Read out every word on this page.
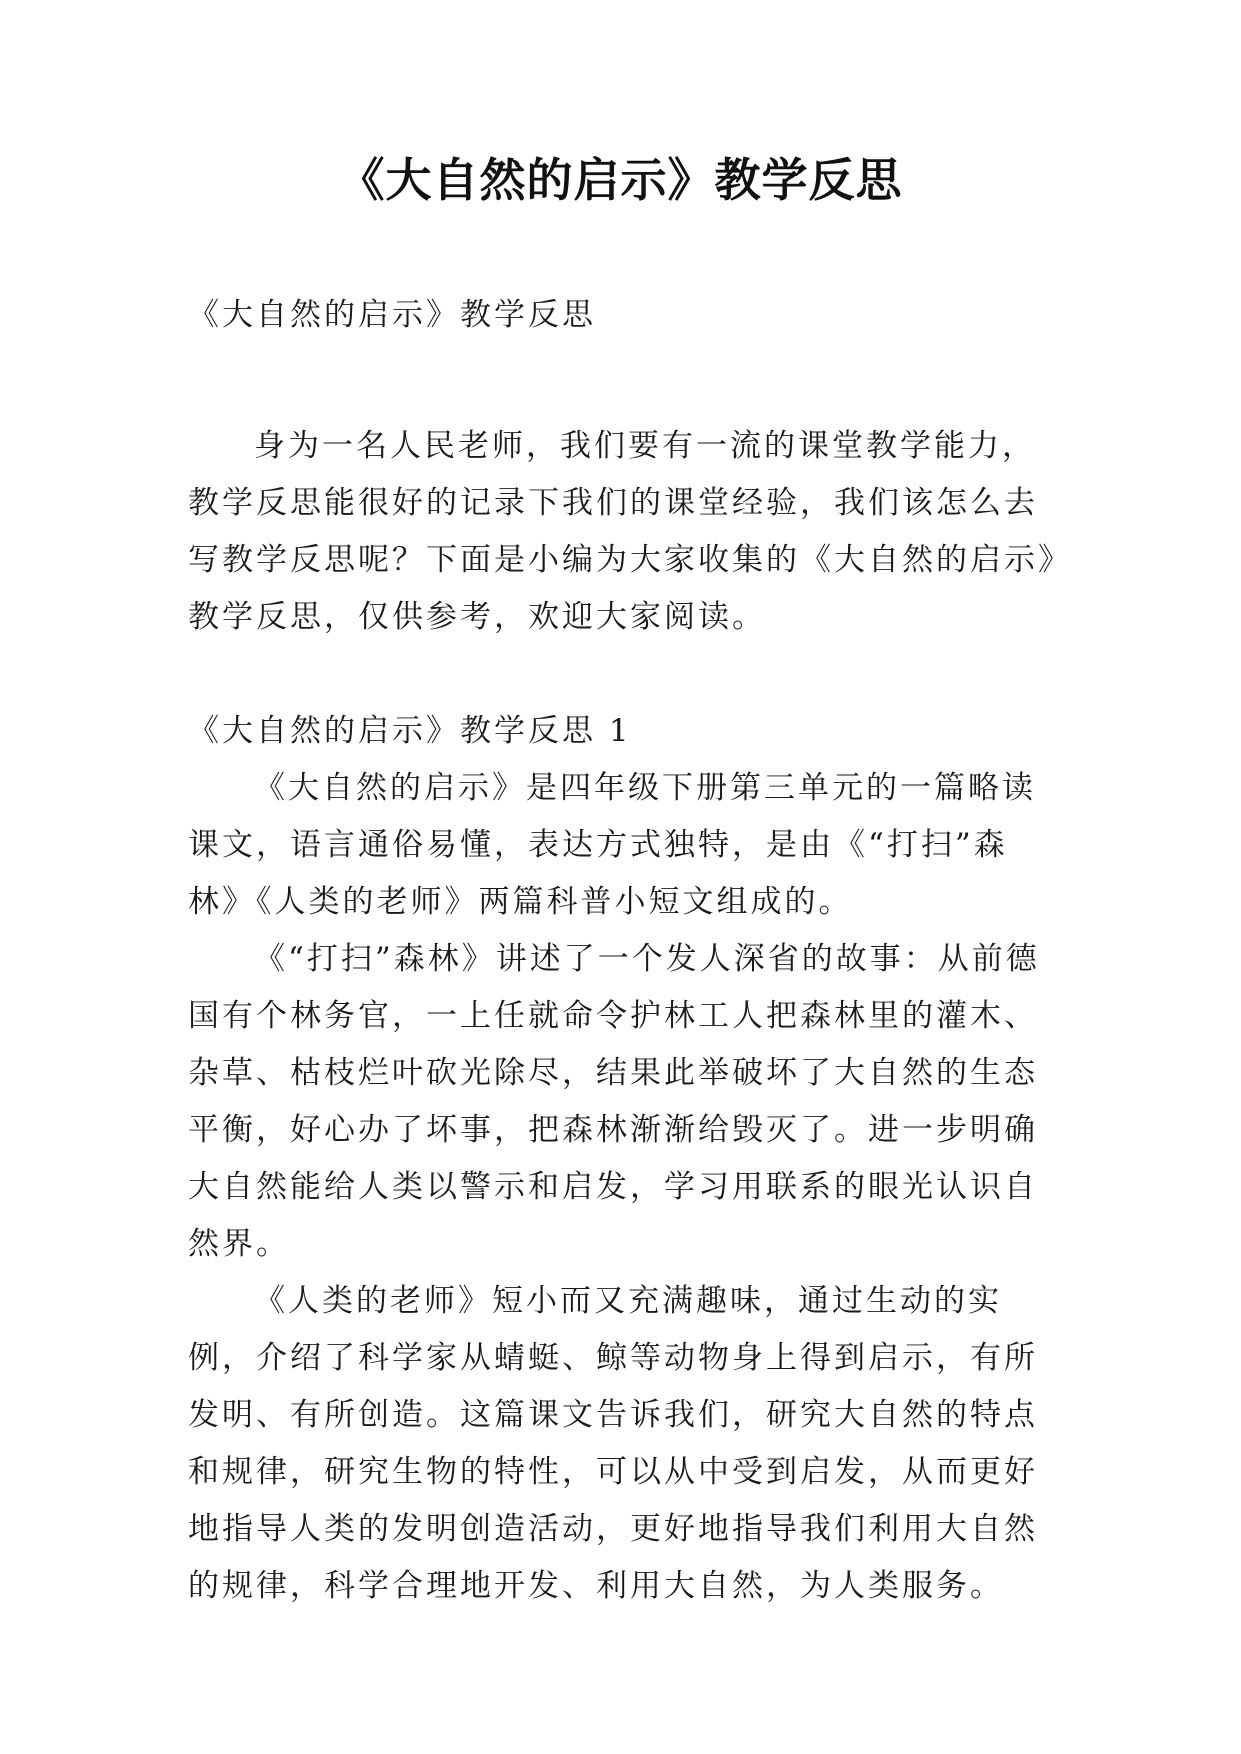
《大自然的启示》教学反思

《大自然的启示》教学反思

身为一名人民老师，我们要有一流的课堂教学能力，教学反思能很好的记录下我们的课堂经验，我们该怎么去写教学反思呢？下面是小编为大家收集的《大自然的启示》教学反思，仅供参考，欢迎大家阅读。

《大自然的启示》教学反思 1

《大自然的启示》是四年级下册第三单元的一篇略读课文，语言通俗易懂，表达方式独特，是由《“打扫”森林》《人类的老师》两篇科普小短文组成的。

《“打扫”森林》讲述了一个发人深省的故事：从前德国有个林务官，一上任就命令护林工人把森林里的灌木、杂草、枯枝烂叶砍光除尽，结果此举破坏了大自然的生态平衡，好心办了坏事，把森林渐渐给毁灭了。进一步明确大自然能给人类以警示和启发，学习用联系的眼光认识自然界。

《人类的老师》短小而又充满趣味，通过生动的实例，介绍了科学家从蜻蜓、鲸等动物身上得到启示，有所发明、有所创造。这篇课文告诉我们，研究大自然的特点和规律，研究生物的特性，可以从中受到启发，从而更好地指导人类的发明创造活动，更好地指导我们利用大自然的规律，科学合理地开发、利用大自然，为人类服务。
